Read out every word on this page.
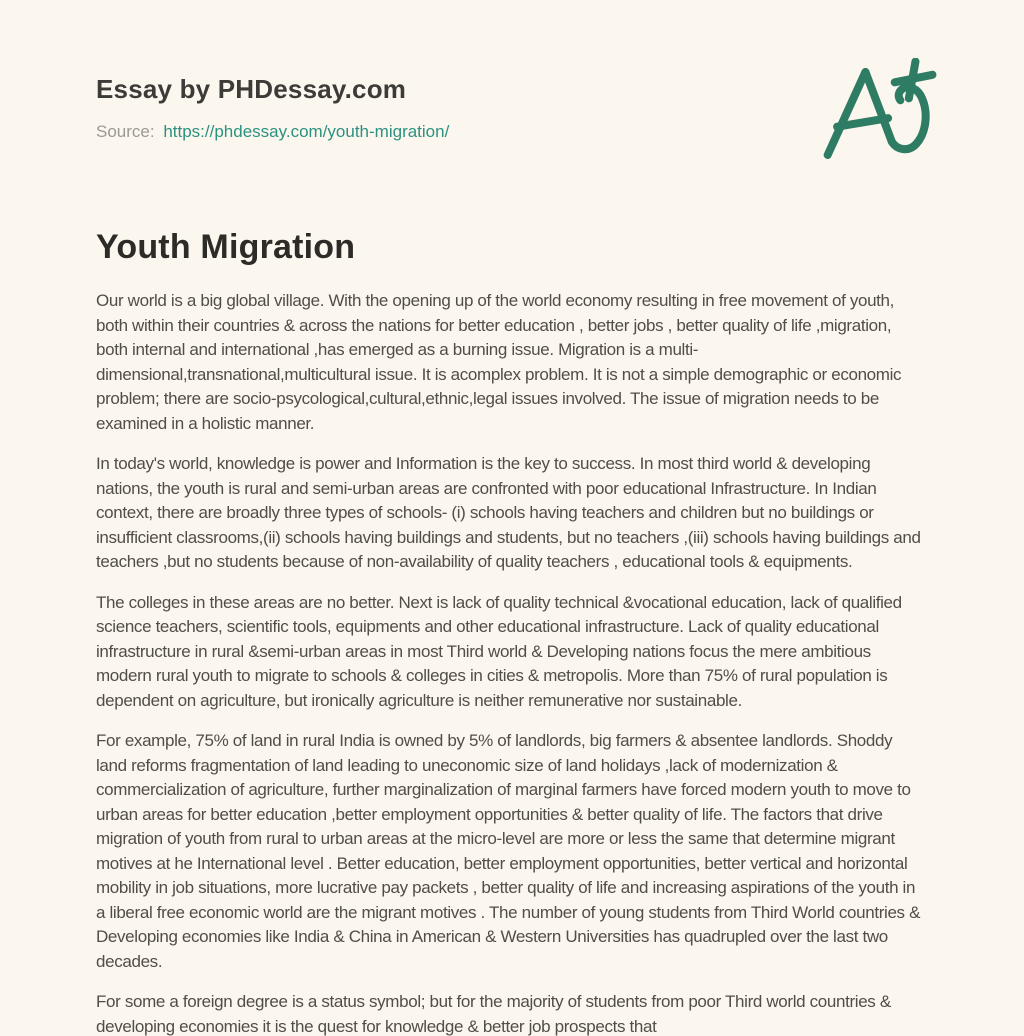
Essay by PHDessay.com

Source: https://phdessay.com/youth-migration/

Youth Migration

Our world is a big global village. With the opening up of the world economy resulting in free movement of youth, both within their countries & across the nations for better education , better jobs , better quality of life ,migration, both internal and international ,has emerged as a burning issue. Migration is a multi-dimensional,transnational,multicultural issue. It is acomplex problem. It is not a simple demographic or economic problem; there are socio-psycological,cultural,ethnic,legal issues involved. The issue of migration needs to be examined in a holistic manner.

In today's world, knowledge is power and Information is the key to success. In most third world & developing nations, the youth is rural and semi-urban areas are confronted with poor educational Infrastructure. In Indian context, there are broadly three types of schools- (i) schools having teachers and children but no buildings or insufficient classrooms,(ii) schools having buildings and students, but no teachers ,(iii) schools having buildings and teachers ,but no students because of non-availability of quality teachers , educational tools & equipments.

The colleges in these areas are no better. Next is lack of quality technical &vocational education, lack of qualified science teachers, scientific tools, equipments and other educational infrastructure. Lack of quality educational infrastructure in rural &semi-urban areas in most Third world & Developing nations focus the mere ambitious modern rural youth to migrate to schools & colleges in cities & metropolis. More than 75% of rural population is dependent on agriculture, but ironically agriculture is neither remunerative nor sustainable.

For example, 75% of land in rural India is owned by 5% of landlords, big farmers & absentee landlords. Shoddy land reforms fragmentation of land leading to uneconomic size of land holidays ,lack of modernization & commercialization of agriculture, further marginalization of marginal farmers have forced modern youth to move to urban areas for better education ,better employment opportunities & better quality of life. The factors that drive migration of youth from rural to urban areas at the micro-level are more or less the same that determine migrant motives at he International level . Better education, better employment opportunities, better vertical and horizontal mobility in job situations, more lucrative pay packets , better quality of life and increasing aspirations of the youth in a liberal free economic world are the migrant motives . The number of young students from Third World countries & Developing economies like India & China in American & Western Universities has quadrupled over the last two decades.

For some a foreign degree is a status symbol; but for the majority of students from poor Third world countries & developing economies it is the quest for knowledge & better job prospects that
